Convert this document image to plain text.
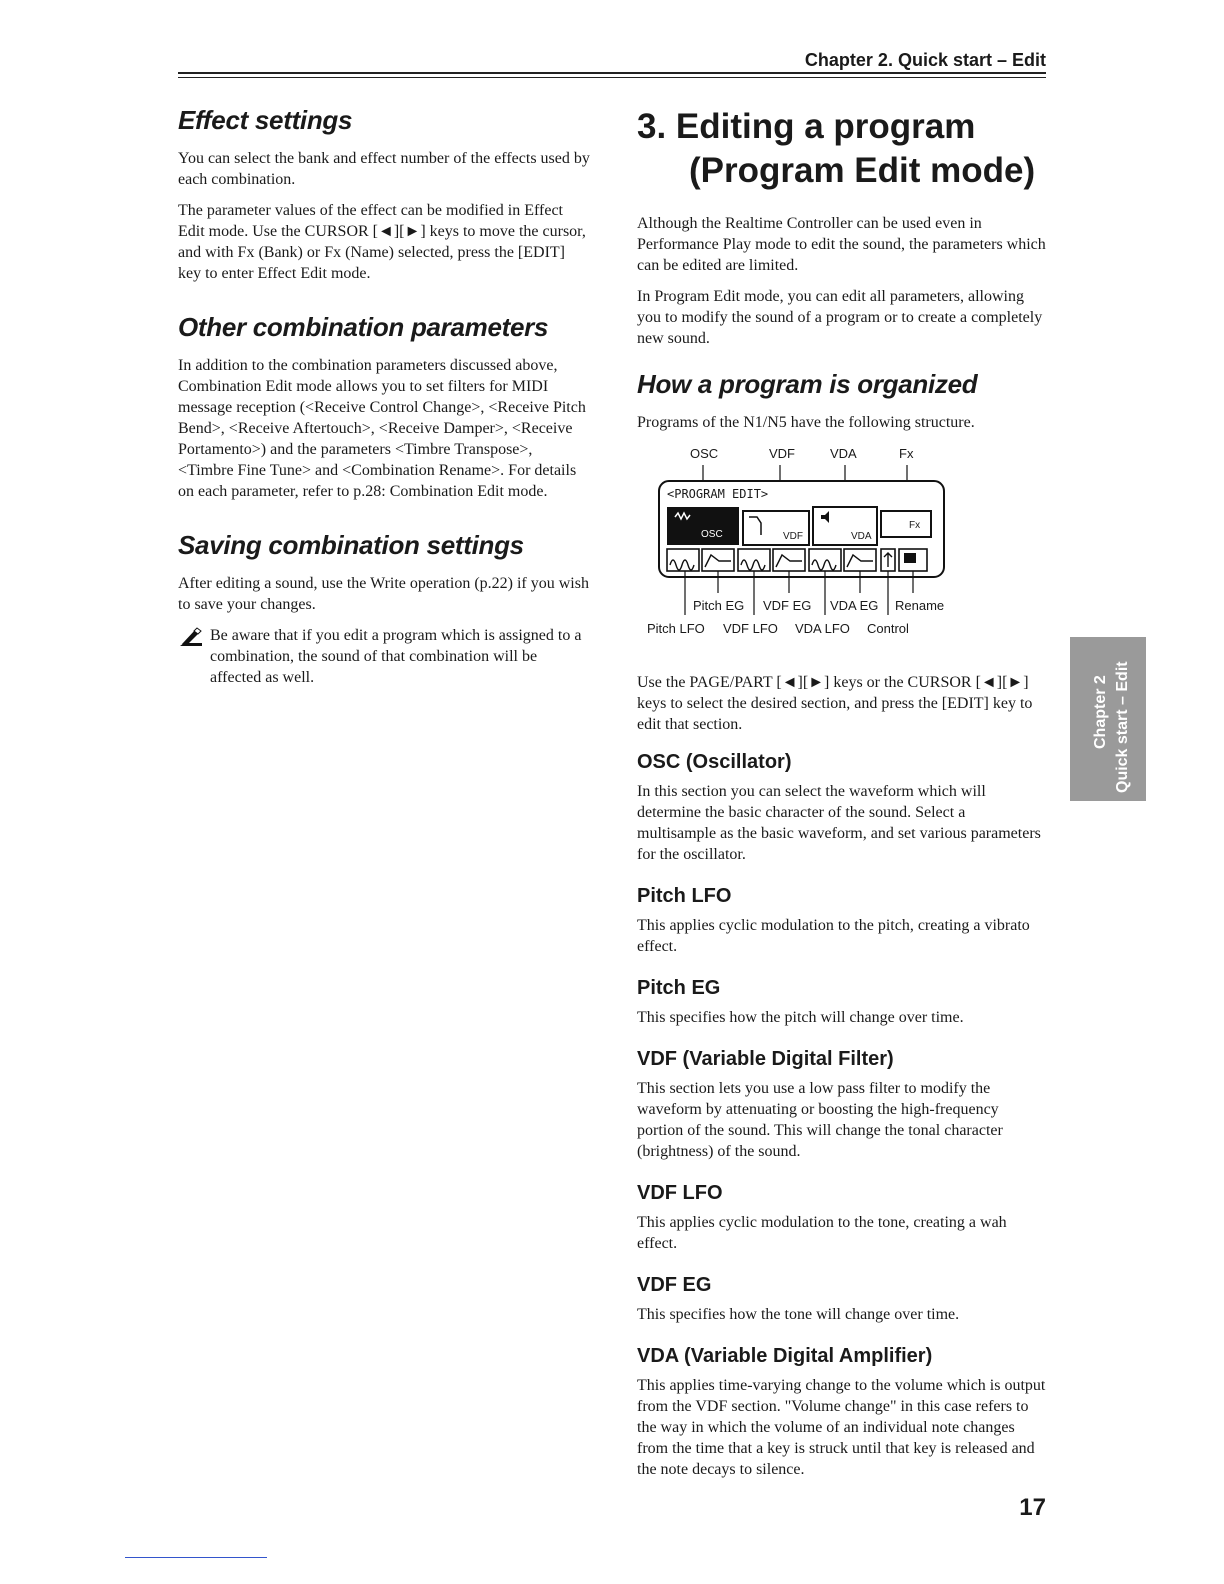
Chapter 2. Quick start – Edit
Effect settings

You can select the bank and effect number of the effects used by each combination.

The parameter values of the effect can be modified in Effect Edit mode. Use the CURSOR [◄][►] keys to move the cursor, and with Fx (Bank) or Fx (Name) selected, press the [EDIT] key to enter Effect Edit mode.

Other combination parameters

In addition to the combination parameters discussed above, Combination Edit mode allows you to set filters for MIDI message reception (<Receive Control Change>, <Receive Pitch Bend>, <Receive Aftertouch>, <Receive Damper>, <Receive Portamento>) and the parameters <Timbre Transpose>, <Timbre Fine Tune> and <Combination Rename>. For details on each parameter, refer to p.28: Combination Edit mode.

Saving combination settings

After editing a sound, use the Write operation (p.22) if you wish to save your changes.

Be aware that if you edit a program which is assigned to a combination, the sound of that combination will be affected as well.

3. Editing a program (Program Edit mode)

Although the Realtime Controller can be used even in Performance Play mode to edit the sound, the parameters which can be edited are limited.

In Program Edit mode, you can edit all parameters, allowing you to modify the sound of a program or to create a completely new sound.

How a program is organized

Programs of the N1/N5 have the following structure.

OSC	VDF	VDA	Fx
<PROGRAM EDIT>
OSC	VDF	VDA
Fx
Pitch EG VDF EG VDA EG Rename
Pitch LFO VDF LFO VDA LFO Control

Use the PAGE/PART [◄][►] keys or the CURSOR [◄][►] keys to select the desired section, and press the [EDIT] key to edit that section.

OSC (Oscillator)

In this section you can select the waveform which will determine the basic character of the sound. Select a multisample as the basic waveform, and set various parameters for the oscillator.

Pitch LFO

This applies cyclic modulation to the pitch, creating a vibrato effect.

Pitch EG

This specifies how the pitch will change over time.

VDF (Variable Digital Filter)

This section lets you use a low pass filter to modify the waveform by attenuating or boosting the high-frequency portion of the sound. This will change the tonal character (brightness) of the sound.

VDF LFO

This applies cyclic modulation to the tone, creating a wah effect.

VDF EG

This specifies how the tone will change over time.

VDA (Variable Digital Amplifier)

This applies time-varying change to the volume which is output from the VDF section. "Volume change" in this case refers to the way in which the volume of an individual note changes from the time that a key is struck until that key is released and the note decays to silence.

Chapter 2 Quick start – Edit
17
